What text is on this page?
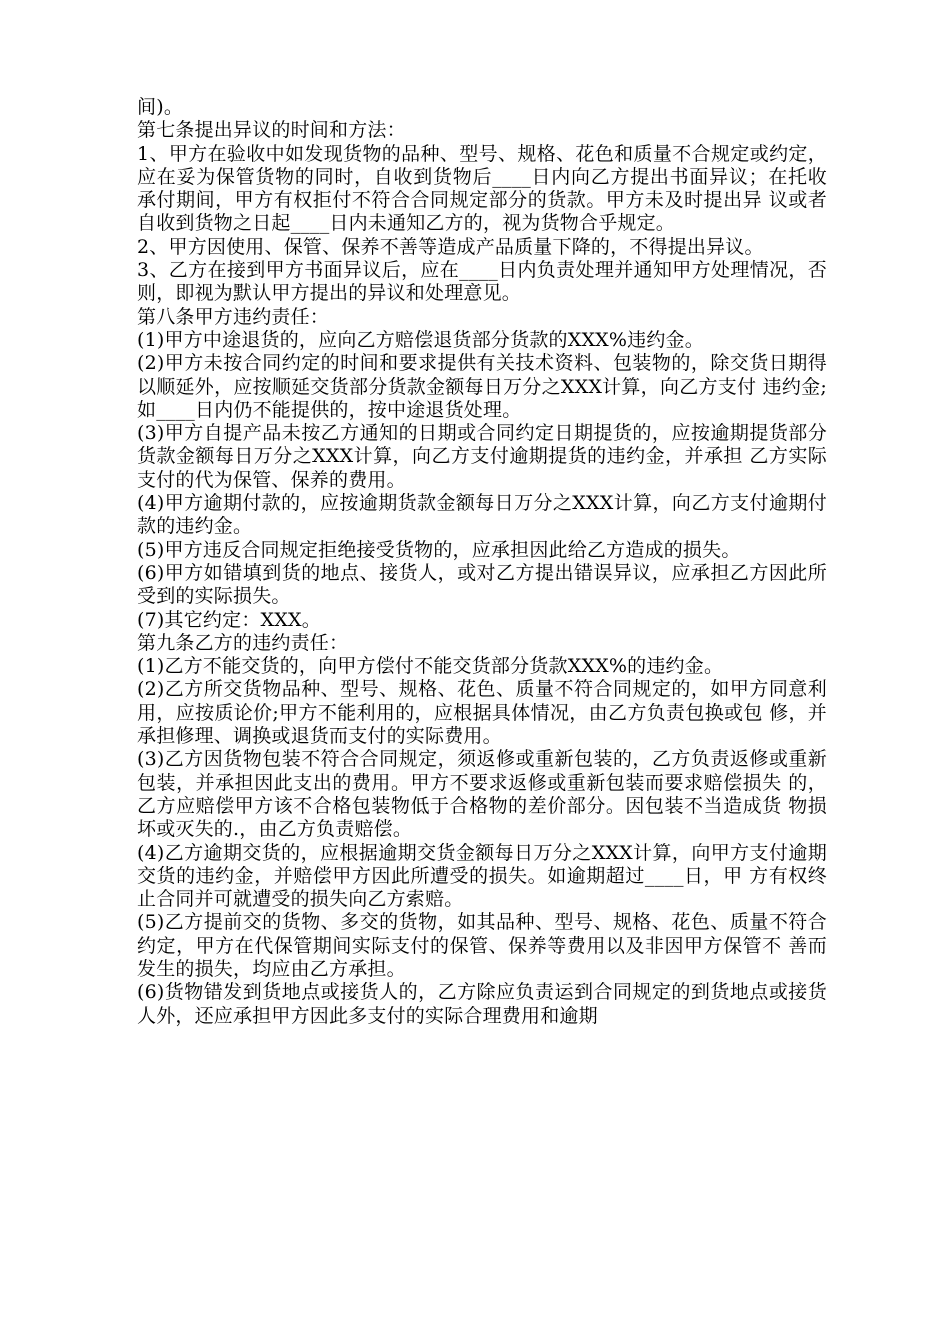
间)。

第七条提出异议的时间和方法：

1、甲方在验收中如发现货物的品种、型号、规格、花色和质量不合规定或约定，应在妥为保管货物的同时，自收到货物后____日内向乙方提出书面异议；在托收承付期间，甲方有权拒付不符合合同规定部分的货款。甲方未及时提出异 议或者自收到货物之日起____日内未通知乙方的，视为货物合乎规定。

2、甲方因使用、保管、保养不善等造成产品质量下降的，不得提出异议。

3、乙方在接到甲方书面异议后，应在____日内负责处理并通知甲方处理情况，否则，即视为默认甲方提出的异议和处理意见。

第八条甲方违约责任：

(1)甲方中途退货的，应向乙方赔偿退货部分货款的XXX%违约金。

(2)甲方未按合同约定的时间和要求提供有关技术资料、包装物的，除交货日期得以顺延外，应按顺延交货部分货款金额每日万分之XXX计算，向乙方支付 违约金;如____日内仍不能提供的，按中途退货处理。

(3)甲方自提产品未按乙方通知的日期或合同约定日期提货的，应按逾期提货部分货款金额每日万分之XXX计算，向乙方支付逾期提货的违约金，并承担 乙方实际支付的代为保管、保养的费用。

(4)甲方逾期付款的，应按逾期货款金额每日万分之XXX计算，向乙方支付逾期付款的违约金。

(5)甲方违反合同规定拒绝接受货物的，应承担因此给乙方造成的损失。

(6)甲方如错填到货的地点、接货人，或对乙方提出错误异议，应承担乙方因此所受到的实际损失。

(7)其它约定：XXX。

第九条乙方的违约责任：

(1)乙方不能交货的，向甲方偿付不能交货部分货款XXX%的违约金。

(2)乙方所交货物品种、型号、规格、花色、质量不符合同规定的，如甲方同意利用，应按质论价;甲方不能利用的，应根据具体情况，由乙方负责包换或包 修，并承担修理、调换或退货而支付的实际费用。

(3)乙方因货物包装不符合合同规定，须返修或重新包装的，乙方负责返修或重新包装，并承担因此支出的费用。甲方不要求返修或重新包装而要求赔偿损失 的，乙方应赔偿甲方该不合格包装物低于合格物的差价部分。因包装不当造成货 物损坏或灭失的.，由乙方负责赔偿。

(4)乙方逾期交货的，应根据逾期交货金额每日万分之XXX计算，向甲方支付逾期交货的违约金，并赔偿甲方因此所遭受的损失。如逾期超过____日，甲 方有权终止合同并可就遭受的损失向乙方索赔。

(5)乙方提前交的货物、多交的货物，如其品种、型号、规格、花色、质量不符合约定，甲方在代保管期间实际支付的保管、保养等费用以及非因甲方保管不 善而发生的损失，均应由乙方承担。

(6)货物错发到货地点或接货人的，乙方除应负责运到合同规定的到货地点或接货人外，还应承担甲方因此多支付的实际合理费用和逾期
